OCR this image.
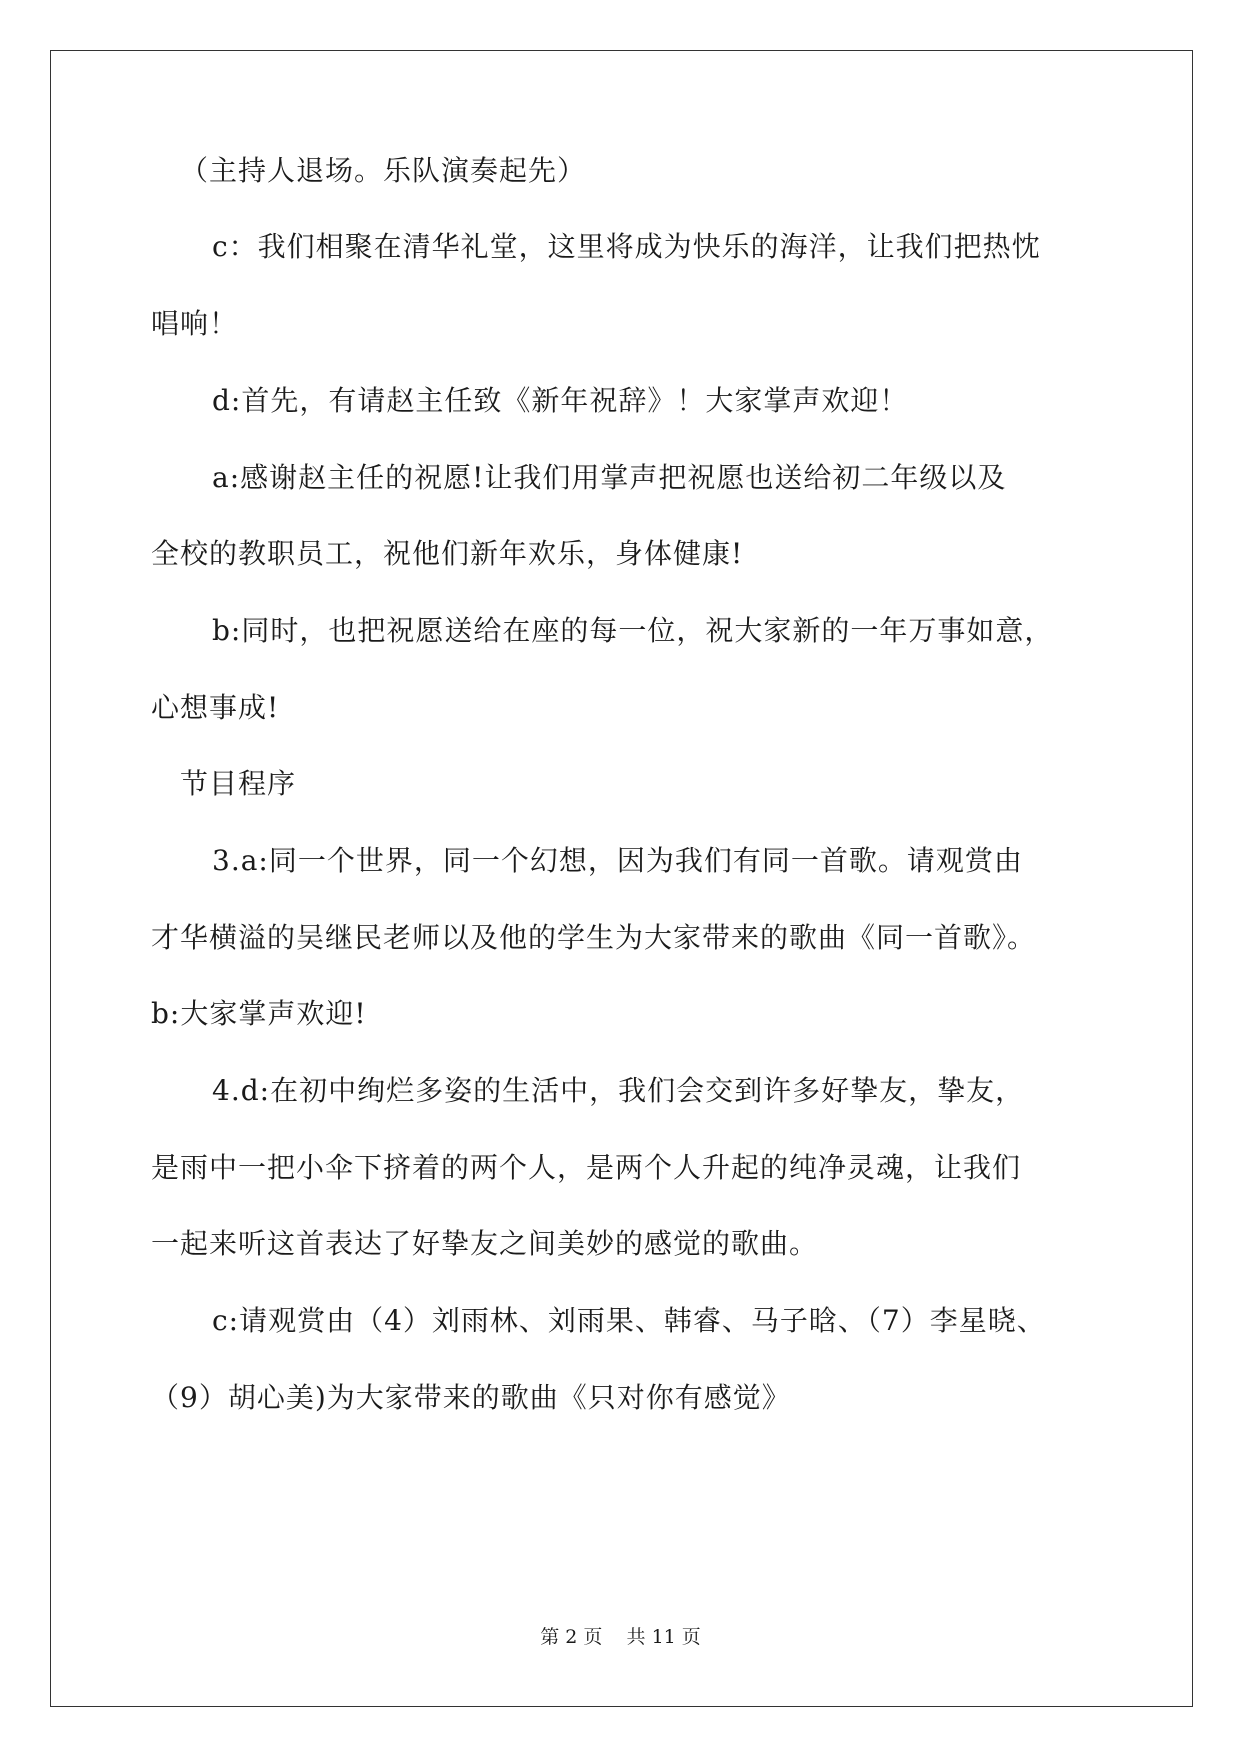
（主持人退场。乐队演奏起先）
c：我们相聚在清华礼堂，这里将成为快乐的海洋，让我们把热忱
唱响！
d:首先，有请赵主任致《新年祝辞》！大家掌声欢迎！
a:感谢赵主任的祝愿!让我们用掌声把祝愿也送给初二年级以及
全校的教职员工，祝他们新年欢乐，身体健康!
b:同时，也把祝愿送给在座的每一位，祝大家新的一年万事如意，
心想事成!
节目程序
3.a:同一个世界，同一个幻想，因为我们有同一首歌。请观赏由
才华横溢的吴继民老师以及他的学生为大家带来的歌曲《同一首歌》。
b:大家掌声欢迎!
4.d:在初中绚烂多姿的生活中，我们会交到许多好挚友，挚友，
是雨中一把小伞下挤着的两个人，是两个人升起的纯净灵魂，让我们
一起来听这首表达了好挚友之间美妙的感觉的歌曲。
c:请观赏由（4）刘雨林、刘雨果、韩睿、马子晗、（7）李星晓、
（9）胡心美)为大家带来的歌曲《只对你有感觉》
第 2 页    共 11 页
